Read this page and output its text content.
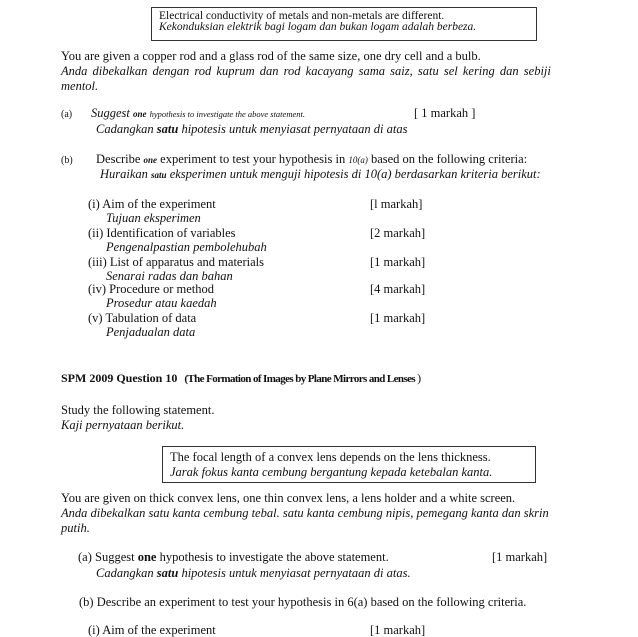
Electrical conductivity of metals and non-metals are different.
Kekonduksian elektrik bagi logam dan bukan logam adalah berbeza.
You are given a copper rod and a glass rod of the same size, one dry cell and a bulb.
Anda dibekalkan dengan rod kuprum dan rod kacayang sama saiz, satu sel kering dan sebiji
mentol.
(a) Suggest one hypothesis to investigate the above statement.	[ 1 markah ]
Cadangkan satu hipotesis untuk menyiasat pernyataan di atas
(b) Describe one experiment to test your hypothesis in 10(a) based on the following criteria:
Huraikan satu eksperimen untuk menguji hipotesis di 10(a) berdasarkan kriteria berikut:
(i) Aim of the experiment
Tujuan eksperimen
[l markah]
(ii) Identification of variables
Pengenalpastian pembolehubah
[2 markah]
(iii) List of apparatus and materials
Senarai radas dan bahan
[1 markah]
(iv) Procedure or method
Prosedur atau kaedah
[4 markah]
(v) Tabulation of data
Penjadualan data
[1 markah]
SPM 2009 Question 10 (The Formation of Images by Plane Mirrors and Lenses )
Study the following statement.
Kaji pernyataan berikut.
The focal length of a convex lens depends on the lens thickness.
Jarak fokus kanta cembung bergantung kepada ketebalan kanta.
You are given on thick convex lens, one thin convex lens, a lens holder and a white screen.
Anda dibekalkan satu kanta cembung tebal. satu kanta cembung nipis, pemegang kanta dan skrin
putih.
(a) Suggest one hypothesis to investigate the above statement.	[1 markah]
Cadangkan satu hipotesis untuk menyiasat pernyataan di atas.
(b) Describe an experiment to test your hypothesis in 6(a) based on the following criteria.
(i) Aim of the experiment	[1 markah]
